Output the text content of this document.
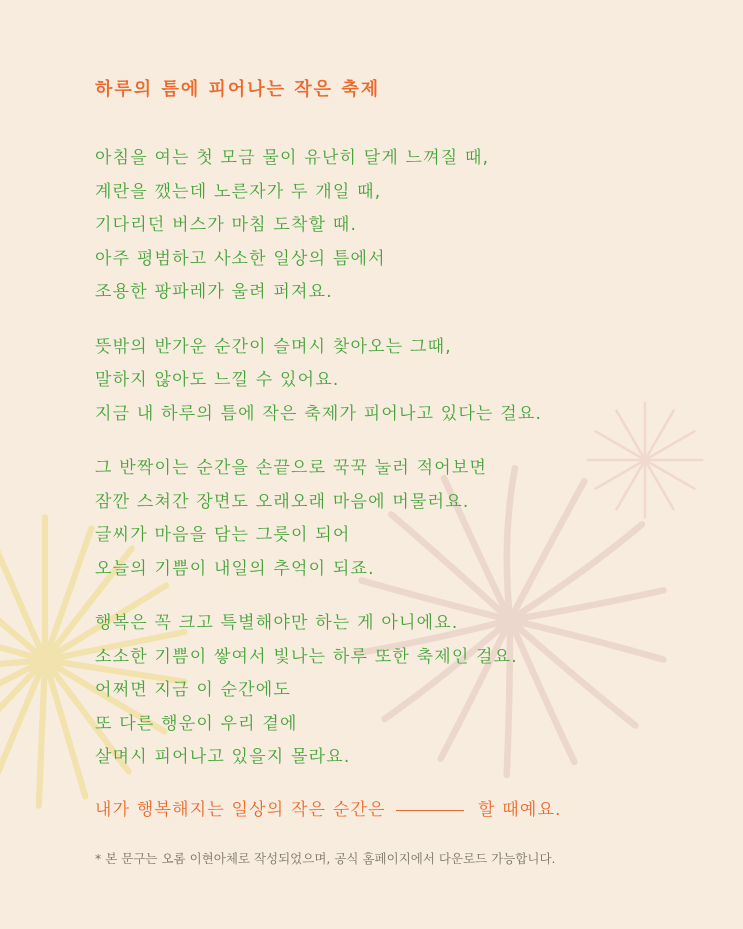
하루의 틈에 피어나는 작은 축제
아침을 여는 첫 모금 물이 유난히 달게 느껴질 때,
계란을 깼는데 노른자가 두 개일 때,
기다리던 버스가 마침 도착할 때.
아주 평범하고 사소한 일상의 틈에서
조용한 팡파레가 울려 퍼져요.
뜻밖의 반가운 순간이 슬며시 찾아오는 그때,
말하지 않아도 느낄 수 있어요.
지금 내 하루의 틈에 작은 축제가 피어나고 있다는 걸요.
그 반짝이는 순간을 손끝으로 꾹꾹 눌러 적어보면
잠깐 스쳐간 장면도 오래오래 마음에 머물러요.
글씨가 마음을 담는 그릇이 되어
오늘의 기쁨이 내일의 추억이 되죠.
행복은 꼭 크고 특별해야만 하는 게 아니에요.
소소한 기쁨이 쌓여서 빛나는 하루 또한 축제인 걸요.
어쩌면 지금 이 순간에도
또 다른 행운이 우리 곁에
살며시 피어나고 있을지 몰라요.

내가 행복해지는 일상의 작은 순간은	할 때예요.

* 본 문구는 오롬 이현아체로 작성되었으며, 공식 홈페이지에서 다운로드 가능합니다.
